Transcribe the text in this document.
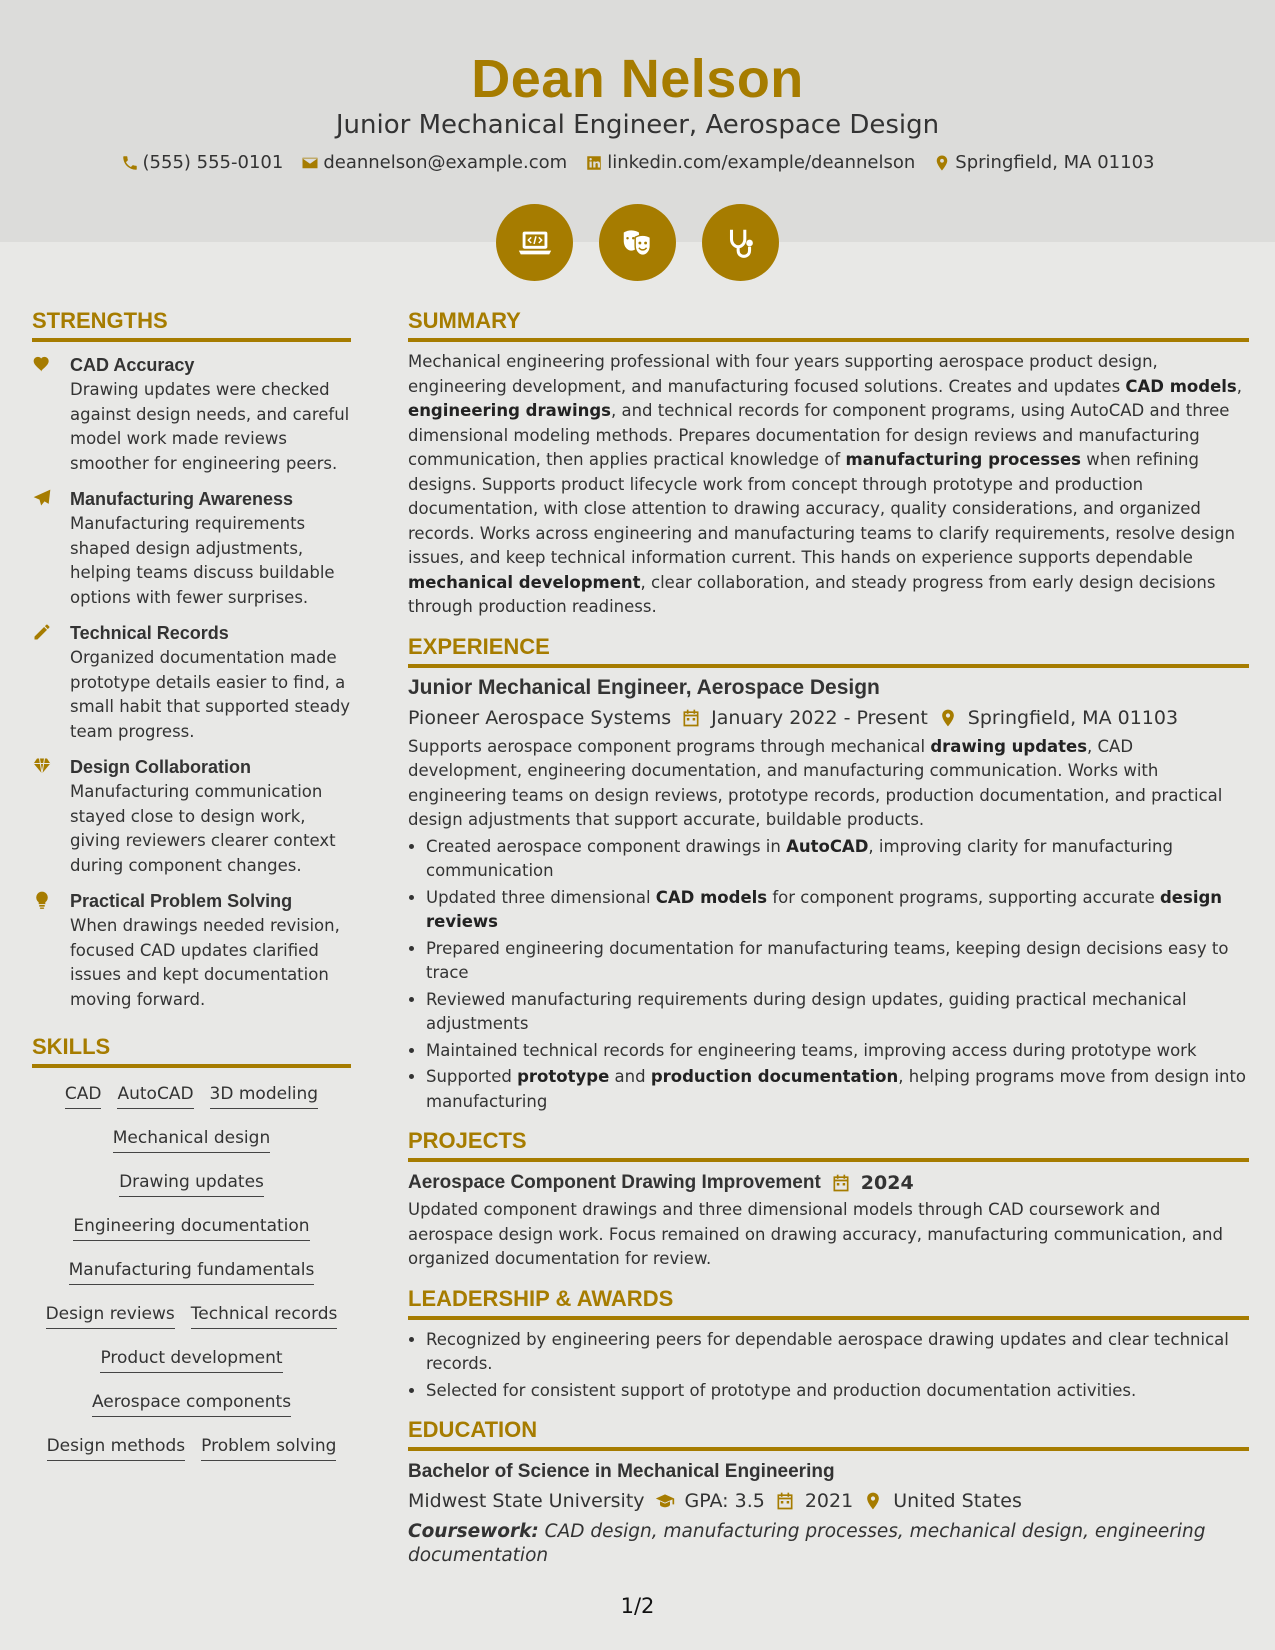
Dean Nelson
Junior Mechanical Engineer, Aerospace Design
(555) 555-0101 deannelson@example.com linkedin.com/example/deannelson Springfield, MA 01103
STRENGTHS
CAD Accuracy

Drawing updates were checked against design needs, and careful model work made reviews smoother for engineering peers.

Manufacturing Awareness

Manufacturing requirements shaped design adjustments, helping teams discuss buildable options with fewer surprises.

Technical Records

Organized documentation made prototype details easier to find, a small habit that supported steady team progress.

Design Collaboration

Manufacturing communication stayed close to design work, giving reviewers clearer context during component changes.

Practical Problem Solving

When drawings needed revision, focused CAD updates clarified issues and kept documentation moving forward.

SKILLS
CAD AutoCAD 3D modeling
Mechanical design
Drawing updates
Engineering documentation
Manufacturing fundamentals
Design reviews Technical records
Product development
Aerospace components
Design methods Problem solving
SUMMARY
Mechanical engineering professional with four years supporting aerospace product design, engineering development, and manufacturing focused solutions. Creates and updates CAD models, engineering drawings, and technical records for component programs, using AutoCAD and three dimensional modeling methods. Prepares documentation for design reviews and manufacturing communication, then applies practical knowledge of manufacturing processes when refining designs. Supports product lifecycle work from concept through prototype and production documentation, with close attention to drawing accuracy, quality considerations, and organized records. Works across engineering and manufacturing teams to clarify requirements, resolve design issues, and keep technical information current. This hands on experience supports dependable mechanical development, clear collaboration, and steady progress from early design decisions through production readiness.
EXPERIENCE
Junior Mechanical Engineer, Aerospace Design
Pioneer Aerospace Systems January 2022 - Present Springfield, MA 01103
Supports aerospace component programs through mechanical drawing updates, CAD development, engineering documentation, and manufacturing communication. Works with engineering teams on design reviews, prototype records, production documentation, and practical design adjustments that support accurate, buildable products.
• Created aerospace component drawings in AutoCAD, improving clarity for manufacturing communication
• Updated three dimensional CAD models for component programs, supporting accurate design reviews
• Prepared engineering documentation for manufacturing teams, keeping design decisions easy to trace
• Reviewed manufacturing requirements during design updates, guiding practical mechanical adjustments
• Maintained technical records for engineering teams, improving access during prototype work
• Supported prototype and production documentation, helping programs move from design into manufacturing
PROJECTS
Aerospace Component Drawing Improvement 2024
Updated component drawings and three dimensional models through CAD coursework and aerospace design work. Focus remained on drawing accuracy, manufacturing communication, and organized documentation for review.
LEADERSHIP & AWARDS
• Recognized by engineering peers for dependable aerospace drawing updates and clear technical records.
• Selected for consistent support of prototype and production documentation activities.
EDUCATION
Bachelor of Science in Mechanical Engineering
Midwest State University GPA: 3.5 2021 United States
Coursework: CAD design, manufacturing processes, mechanical design, engineering documentation
1/2
